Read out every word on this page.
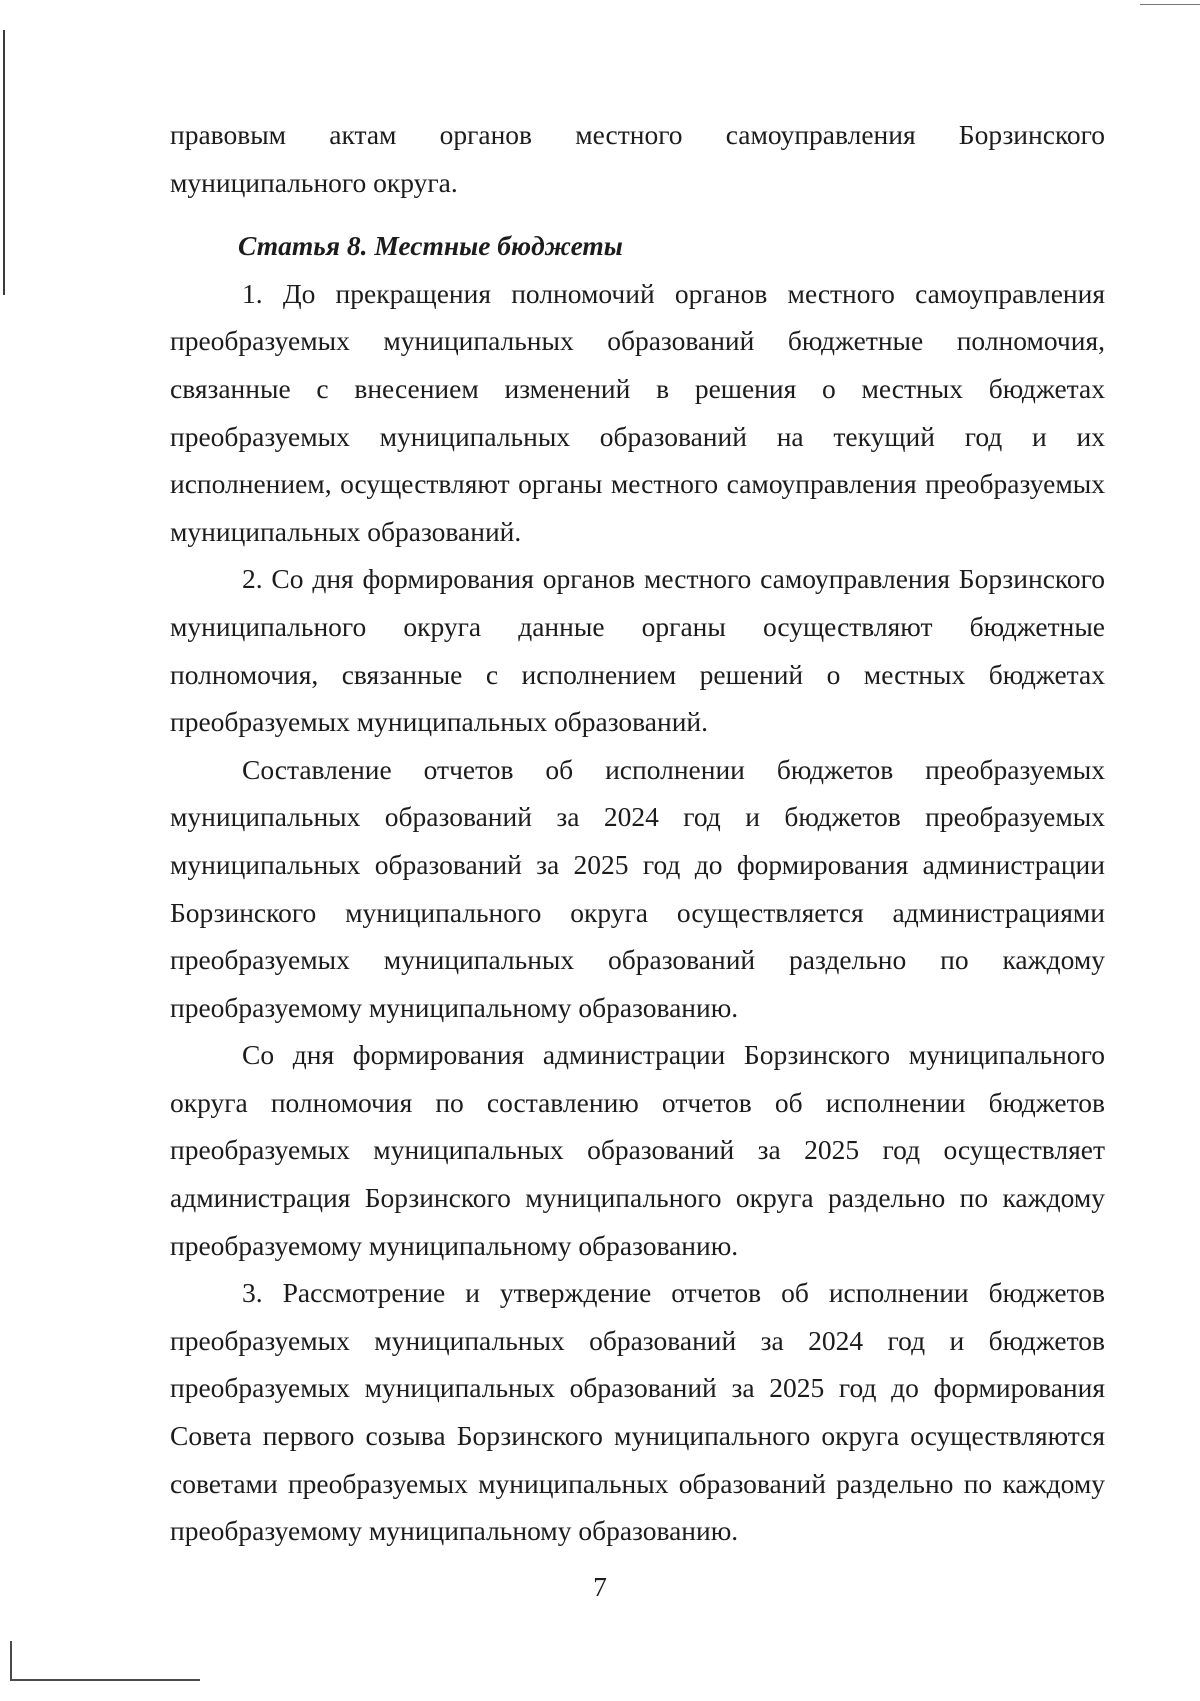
правовым актам органов местного самоуправления Борзинского муниципального округа.

Статья 8. Местные бюджеты

1. До прекращения полномочий органов местного самоуправления преобразуемых муниципальных образований бюджетные полномочия, связанные с внесением изменений в решения о местных бюджетах преобразуемых муниципальных образований на текущий год и их исполнением, осуществляют органы местного самоуправления преобразуемых муниципальных образований.

2. Со дня формирования органов местного самоуправления Борзинского муниципального округа данные органы осуществляют бюджетные полномочия, связанные с исполнением решений о местных бюджетах преобразуемых муниципальных образований.

Составление отчетов об исполнении бюджетов преобразуемых муниципальных образований за 2024 год и бюджетов преобразуемых муниципальных образований за 2025 год до формирования администрации Борзинского муниципального округа осуществляется администрациями преобразуемых муниципальных образований раздельно по каждому преобразуемому муниципальному образованию.

Со дня формирования администрации Борзинского муниципального округа полномочия по составлению отчетов об исполнении бюджетов преобразуемых муниципальных образований за 2025 год осуществляет администрация Борзинского муниципального округа раздельно по каждому преобразуемому муниципальному образованию.

3. Рассмотрение и утверждение отчетов об исполнении бюджетов преобразуемых муниципальных образований за 2024 год и бюджетов преобразуемых муниципальных образований за 2025 год до формирования Совета первого созыва Борзинского муниципального округа осуществляются советами преобразуемых муниципальных образований раздельно по каждому преобразуемому муниципальному образованию.

7
